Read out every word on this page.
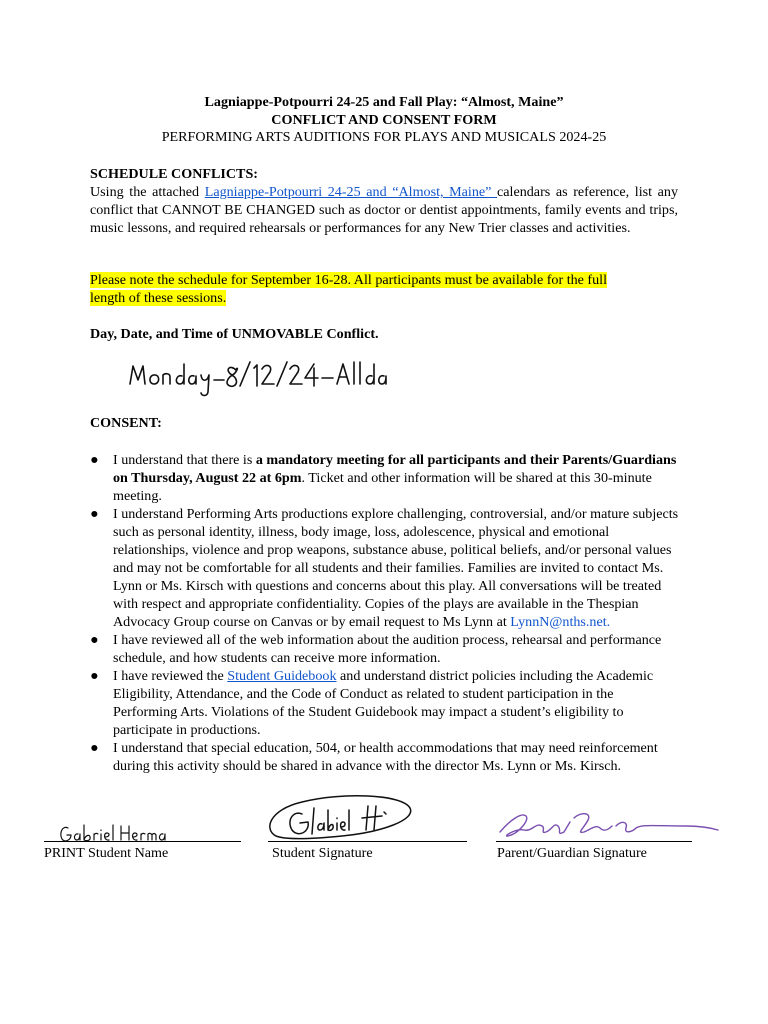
Lagniappe-Potpourri 24-25 and Fall Play: “Almost, Maine”
CONFLICT AND CONSENT FORM
PERFORMING ARTS AUDITIONS FOR PLAYS AND MUSICALS 2024-25
SCHEDULE CONFLICTS:
Using the attached Lagniappe-Potpourri 24-25 and “Almost, Maine” calendars as reference, list any conflict that CANNOT BE CHANGED such as doctor or dentist appointments, family events and trips, music lessons, and required rehearsals or performances for any New Trier classes and activities.
Please note the schedule for September 16-28. All participants must be available for the full
length of these sessions.
Day, Date, and Time of UNMOVABLE Conflict.
CONSENT:
● I understand that there is a mandatory meeting for all participants and their Parents/Guardians on Thursday, August 22 at 6pm. Ticket and other information will be shared at this 30-minute meeting.
● I understand Performing Arts productions explore challenging, controversial, and/or mature subjects such as personal identity, illness, body image, loss, adolescence, physical and emotional relationships, violence and prop weapons, substance abuse, political beliefs, and/or personal values and may not be comfortable for all students and their families. Families are invited to contact Ms. Lynn or Ms. Kirsch with questions and concerns about this play. All conversations will be treated with respect and appropriate confidentiality. Copies of the plays are available in the Thespian Advocacy Group course on Canvas or by email request to Ms Lynn at LynnN@nths.net.
● I have reviewed all of the web information about the audition process, rehearsal and performance schedule, and how students can receive more information.
● I have reviewed the Student Guidebook and understand district policies including the Academic Eligibility, Attendance, and the Code of Conduct as related to student participation in the Performing Arts. Violations of the Student Guidebook may impact a student’s eligibility to participate in productions.
● I understand that special education, 504, or health accommodations that may need reinforcement during this activity should be shared in advance with the director Ms. Lynn or Ms. Kirsch.
PRINT Student Name	Student Signature	Parent/Guardian Signature
